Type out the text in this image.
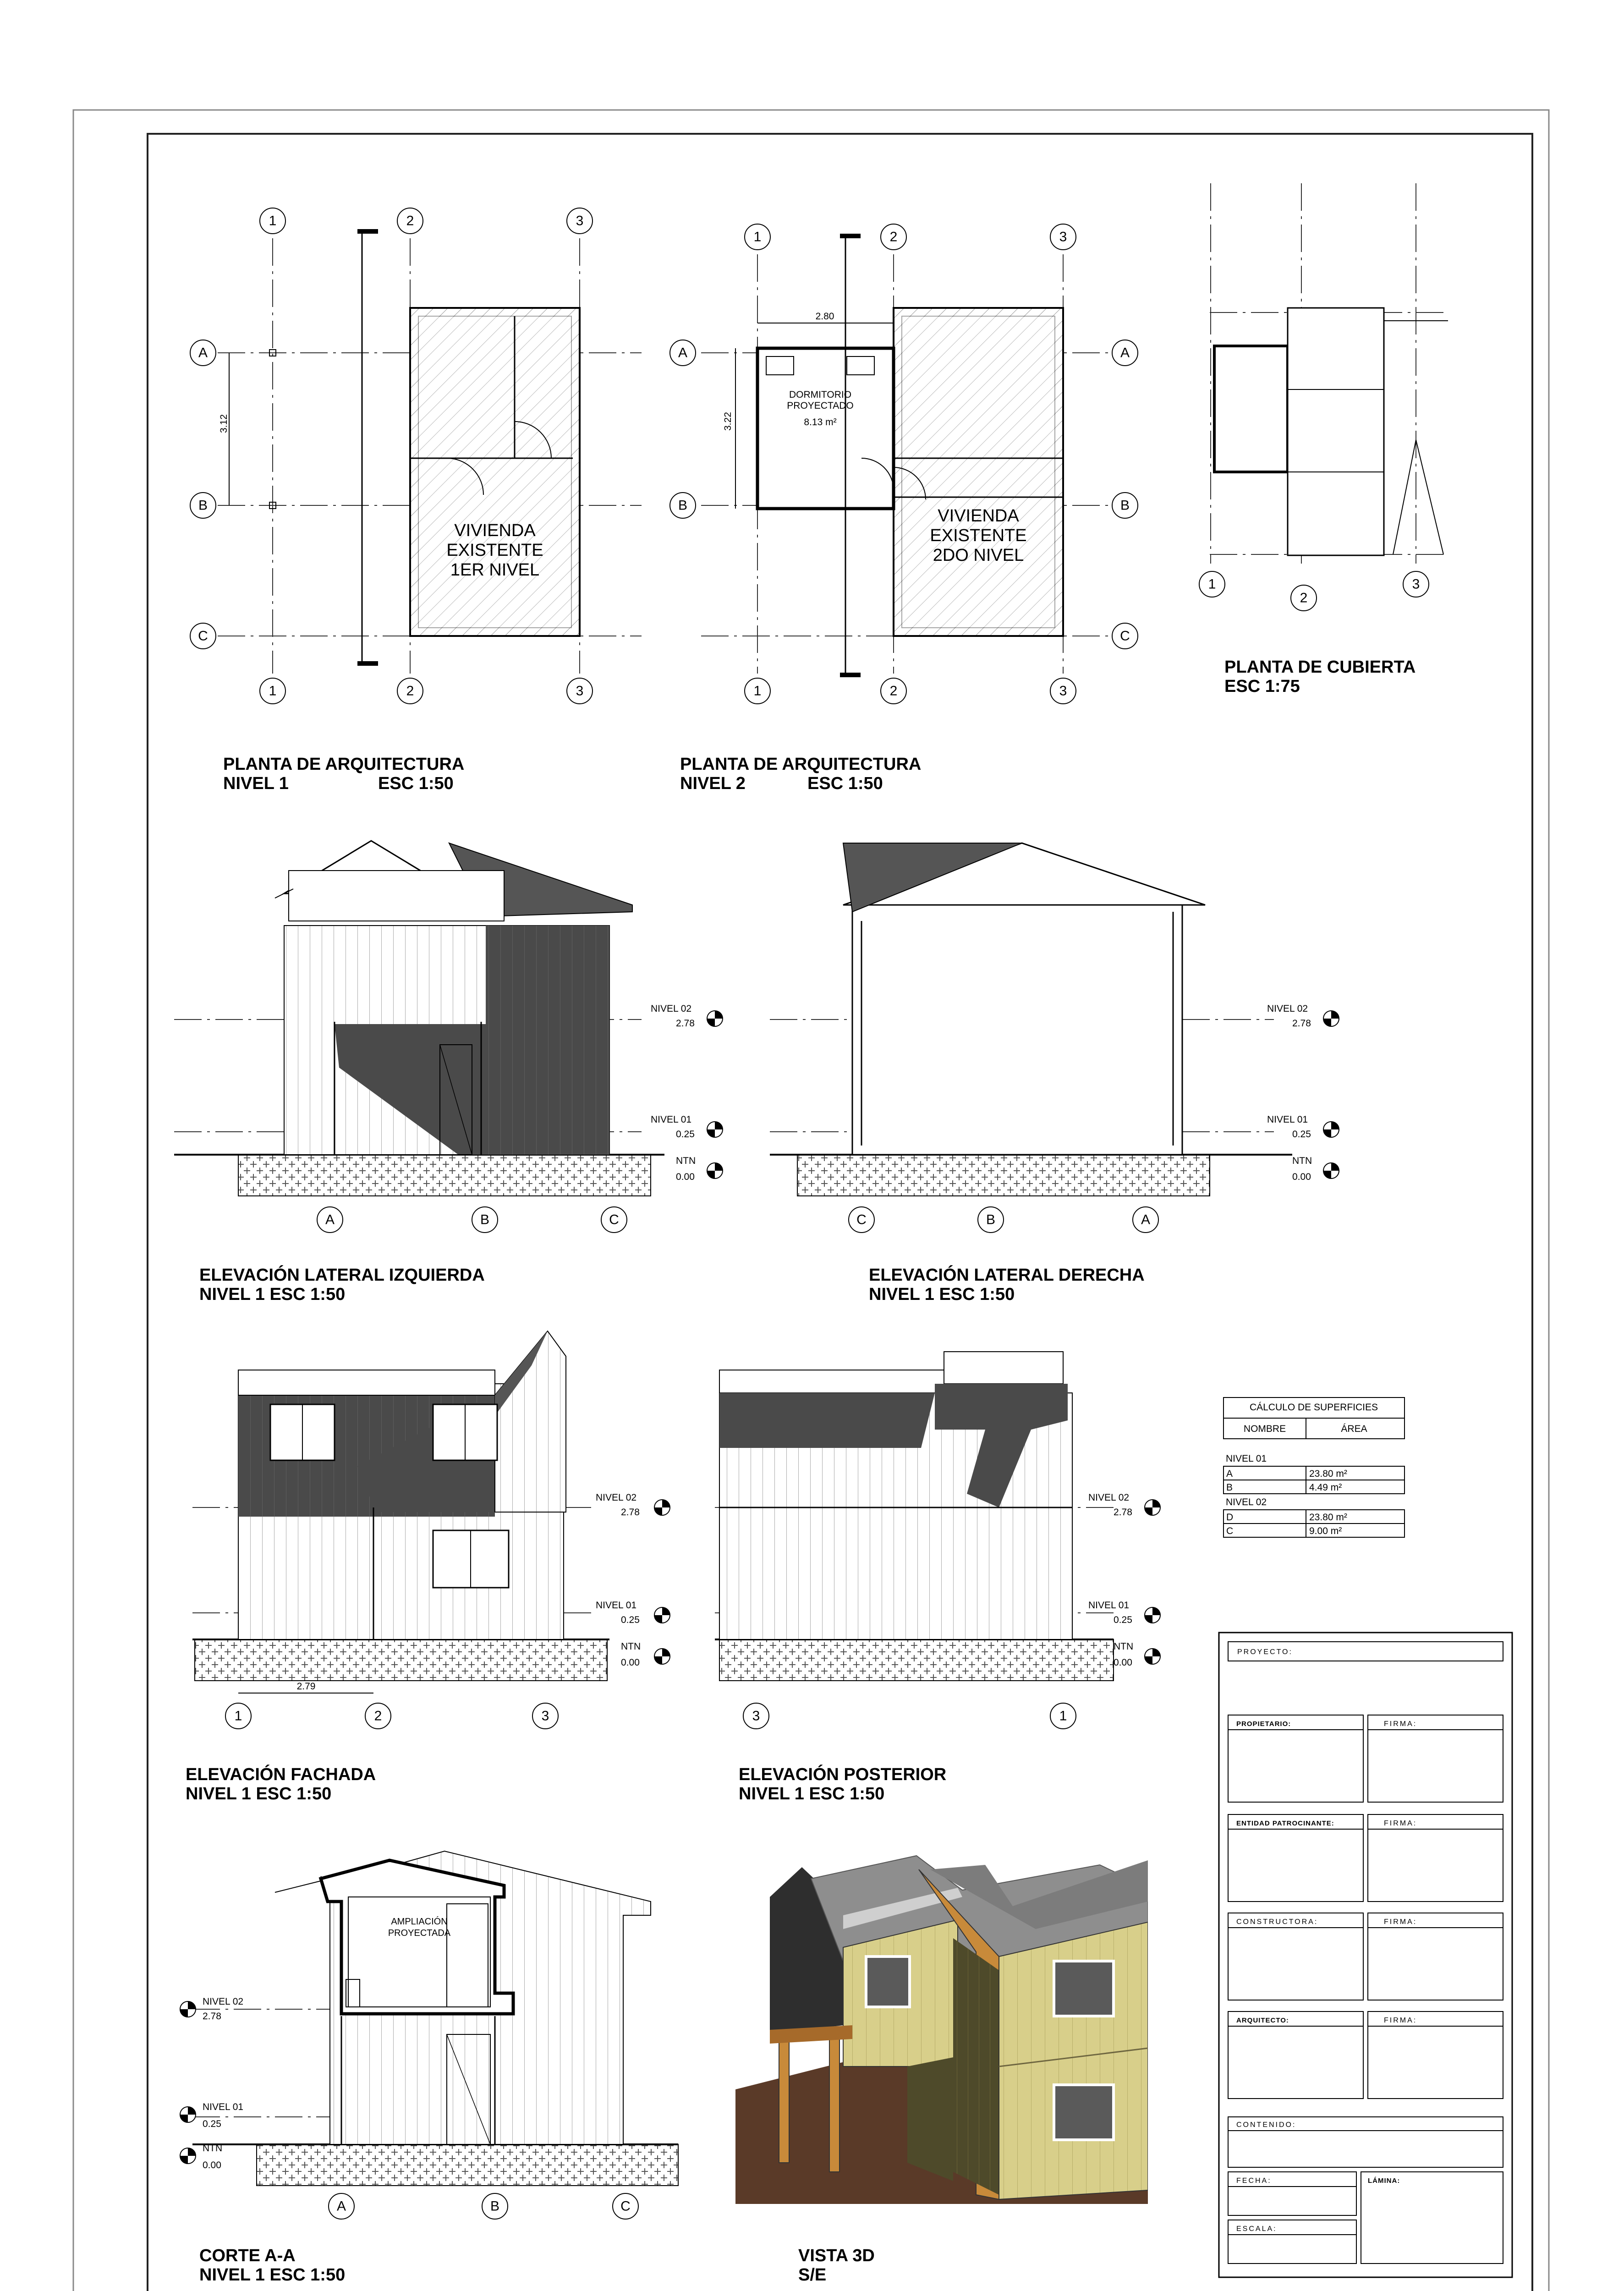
3.12
VIVIENDA
EXISTENTE
1ER NIVEL
1	2	3
1	2	3
A
B
C
PLANTA DE ARQUITECTURA
NIVEL 1	ESC 1:50
2.80
3.22
DORMITORIO
PROYECTADO
8.13 m²
VIVIENDA
EXISTENTE
2DO NIVEL
1	2	3
1	2	3
A
B
A
B
C
PLANTA DE ARQUITECTURA
NIVEL 2	ESC 1:50
1
2
3
PLANTA DE CUBIERTA
ESC 1:75
NIVEL 02
2.78
NIVEL 01
0.25
NTN
0.00
A	B	C
ELEVACIÓN LATERAL IZQUIERDA
NIVEL 1 ESC 1:50
NIVEL 02
2.78
NIVEL 01
0.25
NTN
0.00
C	B	A
ELEVACIÓN LATERAL DERECHA
NIVEL 1 ESC 1:50
2.79
NIVEL 02
2.78
NIVEL 01
0.25
NTN
0.00
1	2	3
ELEVACIÓN FACHADA
NIVEL 1 ESC 1:50
NIVEL 02
2.78
NIVEL 01
0.25
NTN
0.00
3	1
ELEVACIÓN POSTERIOR
NIVEL 1 ESC 1:50
CÁLCULO DE SUPERFICIES
NOMBRE	ÁREA
NIVEL 01
A	23.80 m²
B	4.49 m²
NIVEL 02
D	23.80 m²
C	9.00 m²
PROYECTO:
PROPIETARIO:	FIRMA:
ENTIDAD PATROCINANTE:	FIRMA:
CONSTRUCTORA:	FIRMA:
ARQUITECTO:	FIRMA:
CONTENIDO:
FECHA:
ESCALA:
LÁMINA:
AMPLIACIÓN
PROYECTADA
NIVEL 02
2.78
NIVEL 01
0.25
NTN
0.00
A	B	C
CORTE A-A
NIVEL 1 ESC 1:50
VISTA 3D
S/E
